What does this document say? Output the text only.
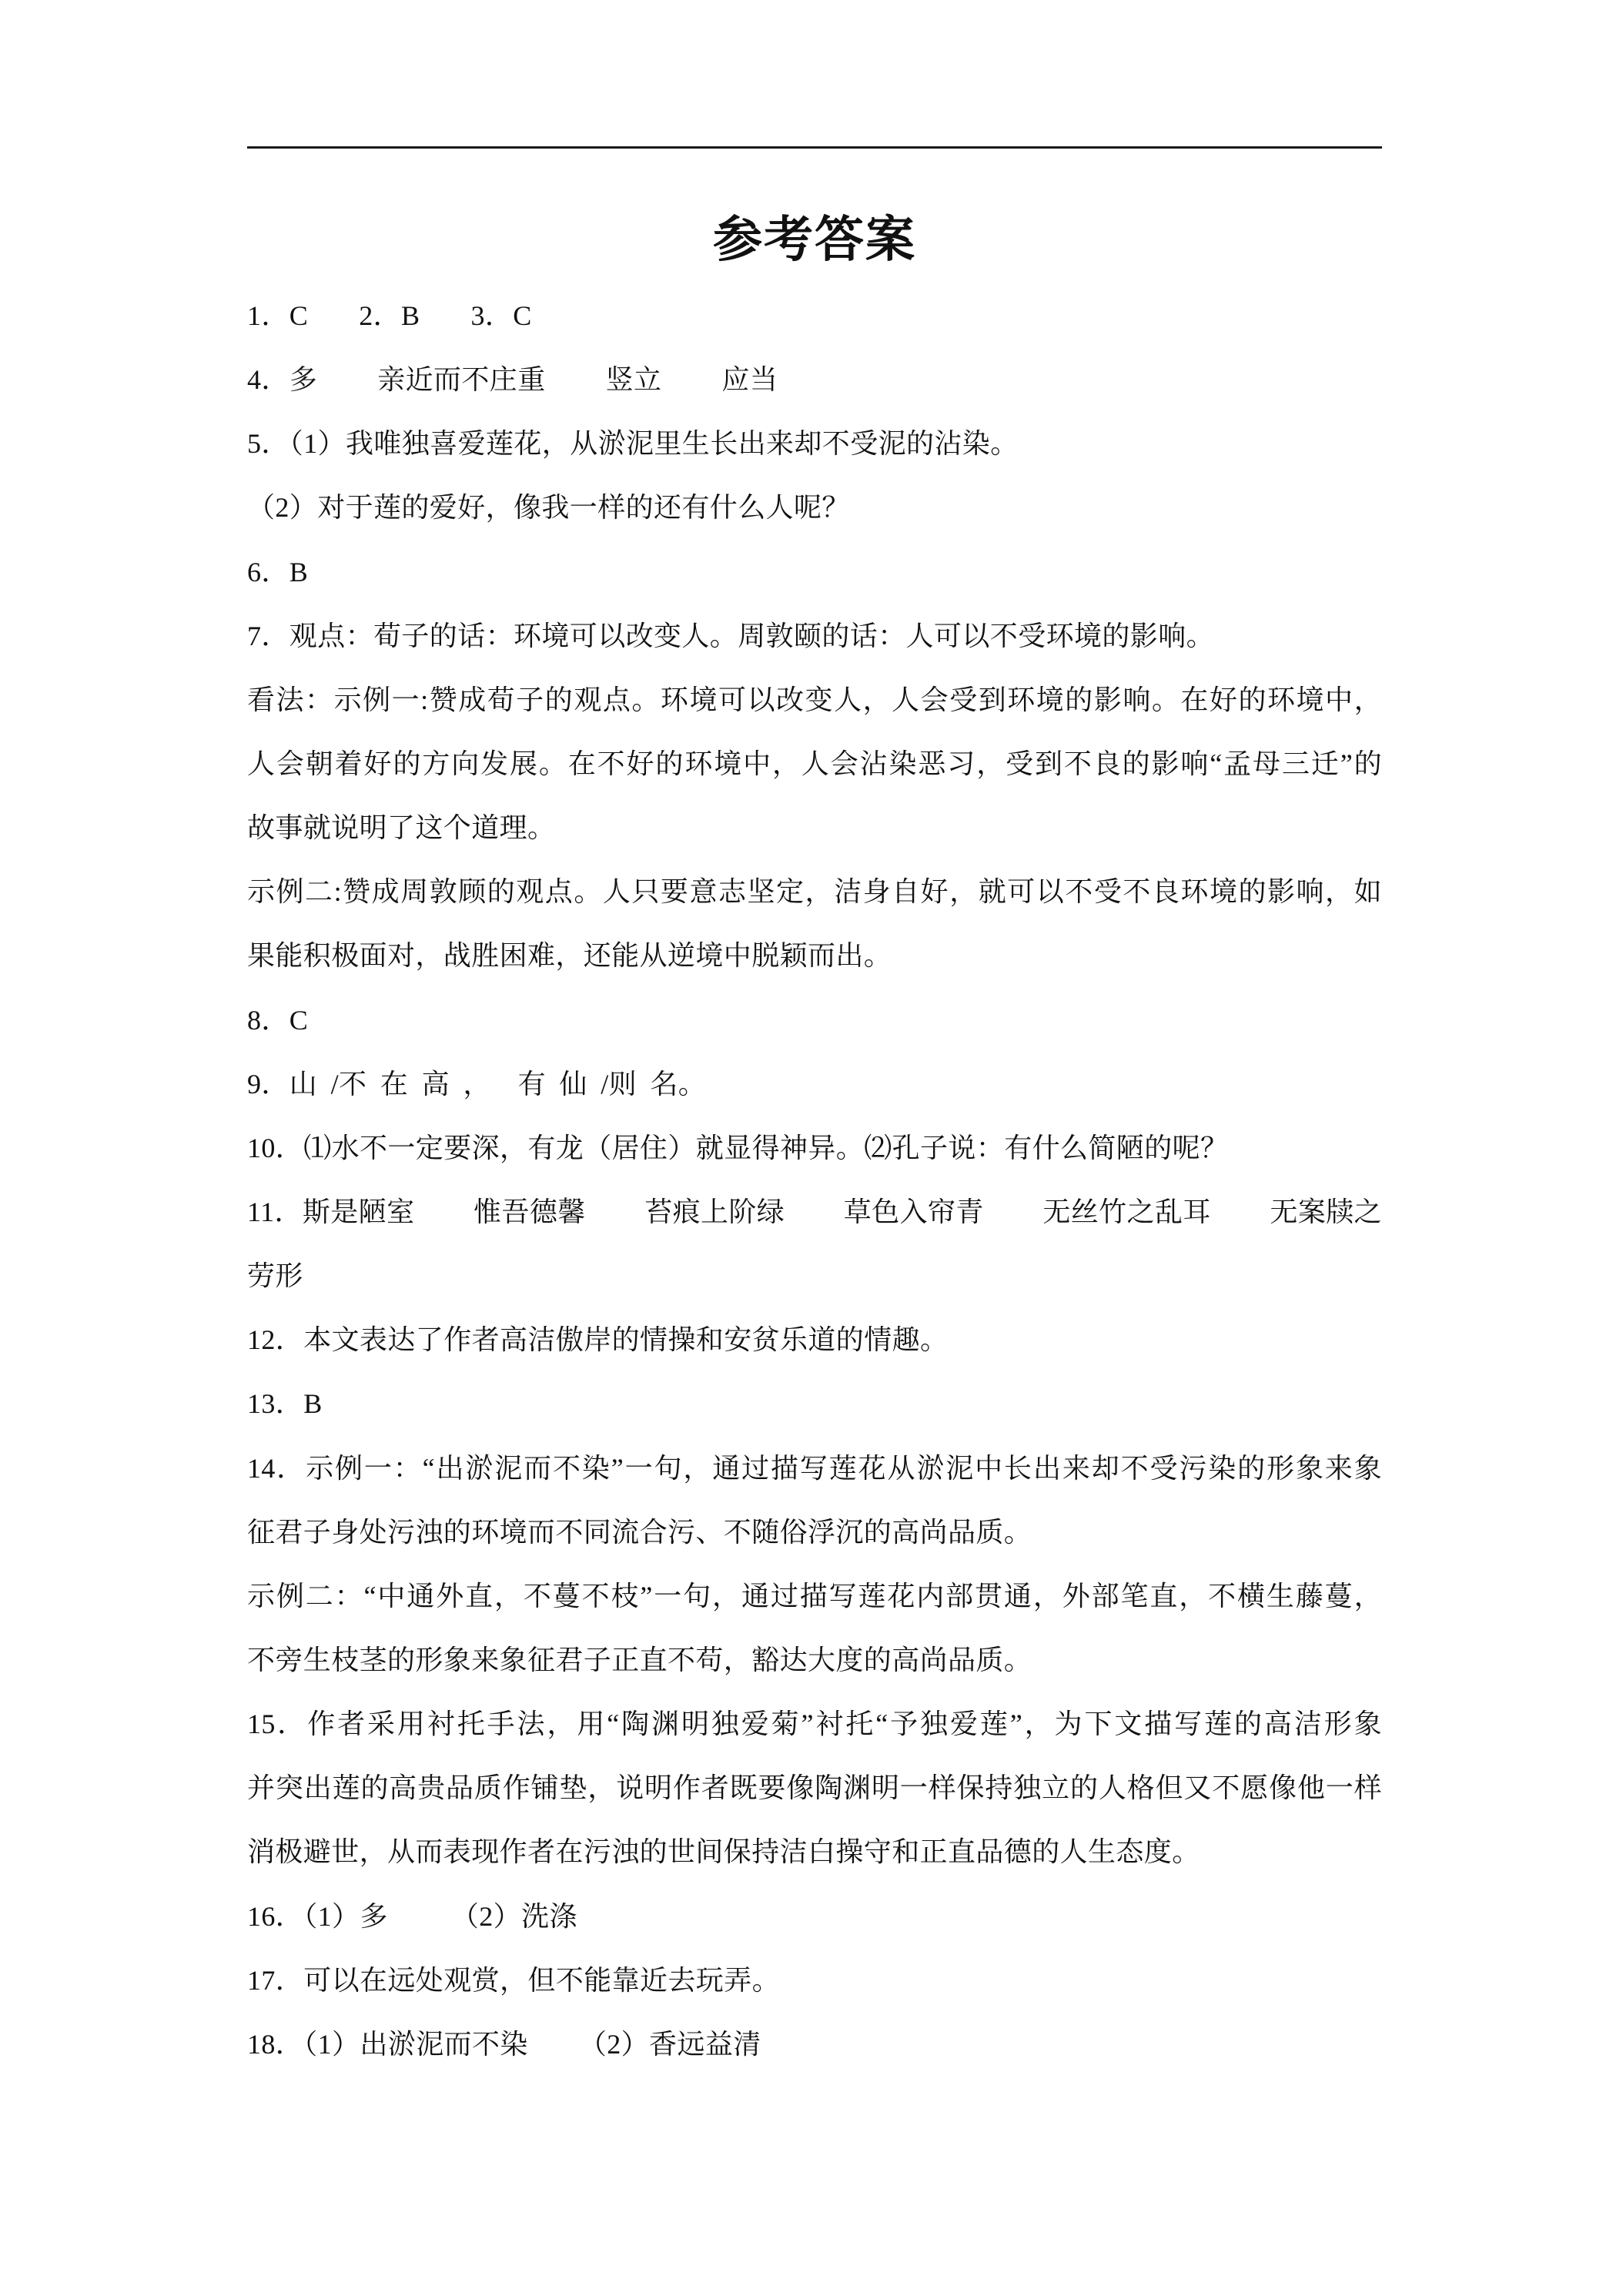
参考答案
1．C 2．B 3．C
4．多 亲近而不庄重 竖立 应当
5．（1）我唯独喜爱莲花，从淤泥里生长出来却不受泥的沾染。
（2）对于莲的爱好，像我一样的还有什么人呢？
6．B
7．观点：荀子的话：环境可以改变人。周敦颐的话：人可以不受环境的影响。
看法：示例一:赞成荀子的观点。环境可以改变人，人会受到环境的影响。在好的环境中，
人会朝着好的方向发展。在不好的环境中，人会沾染恶习，受到不良的影响“孟母三迁”的
故事就说明了这个道理。
示例二:赞成周敦顾的观点。人只要意志坚定，洁身自好，就可以不受不良环境的影响，如
果能积极面对，战胜困难，还能从逆境中脱颖而出。
8．C
9．山 /不 在 高 ，  有 仙 /则 名。
10．⑴水不一定要深，有龙（居住）就显得神异。⑵孔子说：有什么简陋的呢？
11．斯是陋室 惟吾德馨 苔痕上阶绿 草色入帘青 无丝竹之乱耳 无案牍之
劳形
12．本文表达了作者高洁傲岸的情操和安贫乐道的情趣。
13．B
14．示例一：“出淤泥而不染”一句，通过描写莲花从淤泥中长出来却不受污染的形象来象
征君子身处污浊的环境而不同流合污、不随俗浮沉的高尚品质。
示例二：“中通外直，不蔓不枝”一句，通过描写莲花内部贯通，外部笔直，不横生藤蔓，
不旁生枝茎的形象来象征君子正直不苟，豁达大度的高尚品质。
15．作者采用衬托手法，用“陶渊明独爱菊”衬托“予独爱莲”，为下文描写莲的高洁形象
并突出莲的高贵品质作铺垫，说明作者既要像陶渊明一样保持独立的人格但又不愿像他一样
消极避世，从而表现作者在污浊的世间保持洁白操守和正直品德的人生态度。
16．（1）多 （2）洗涤
17．可以在远处观赏，但不能靠近去玩弄。
18．（1）出淤泥而不染 （2）香远益清
